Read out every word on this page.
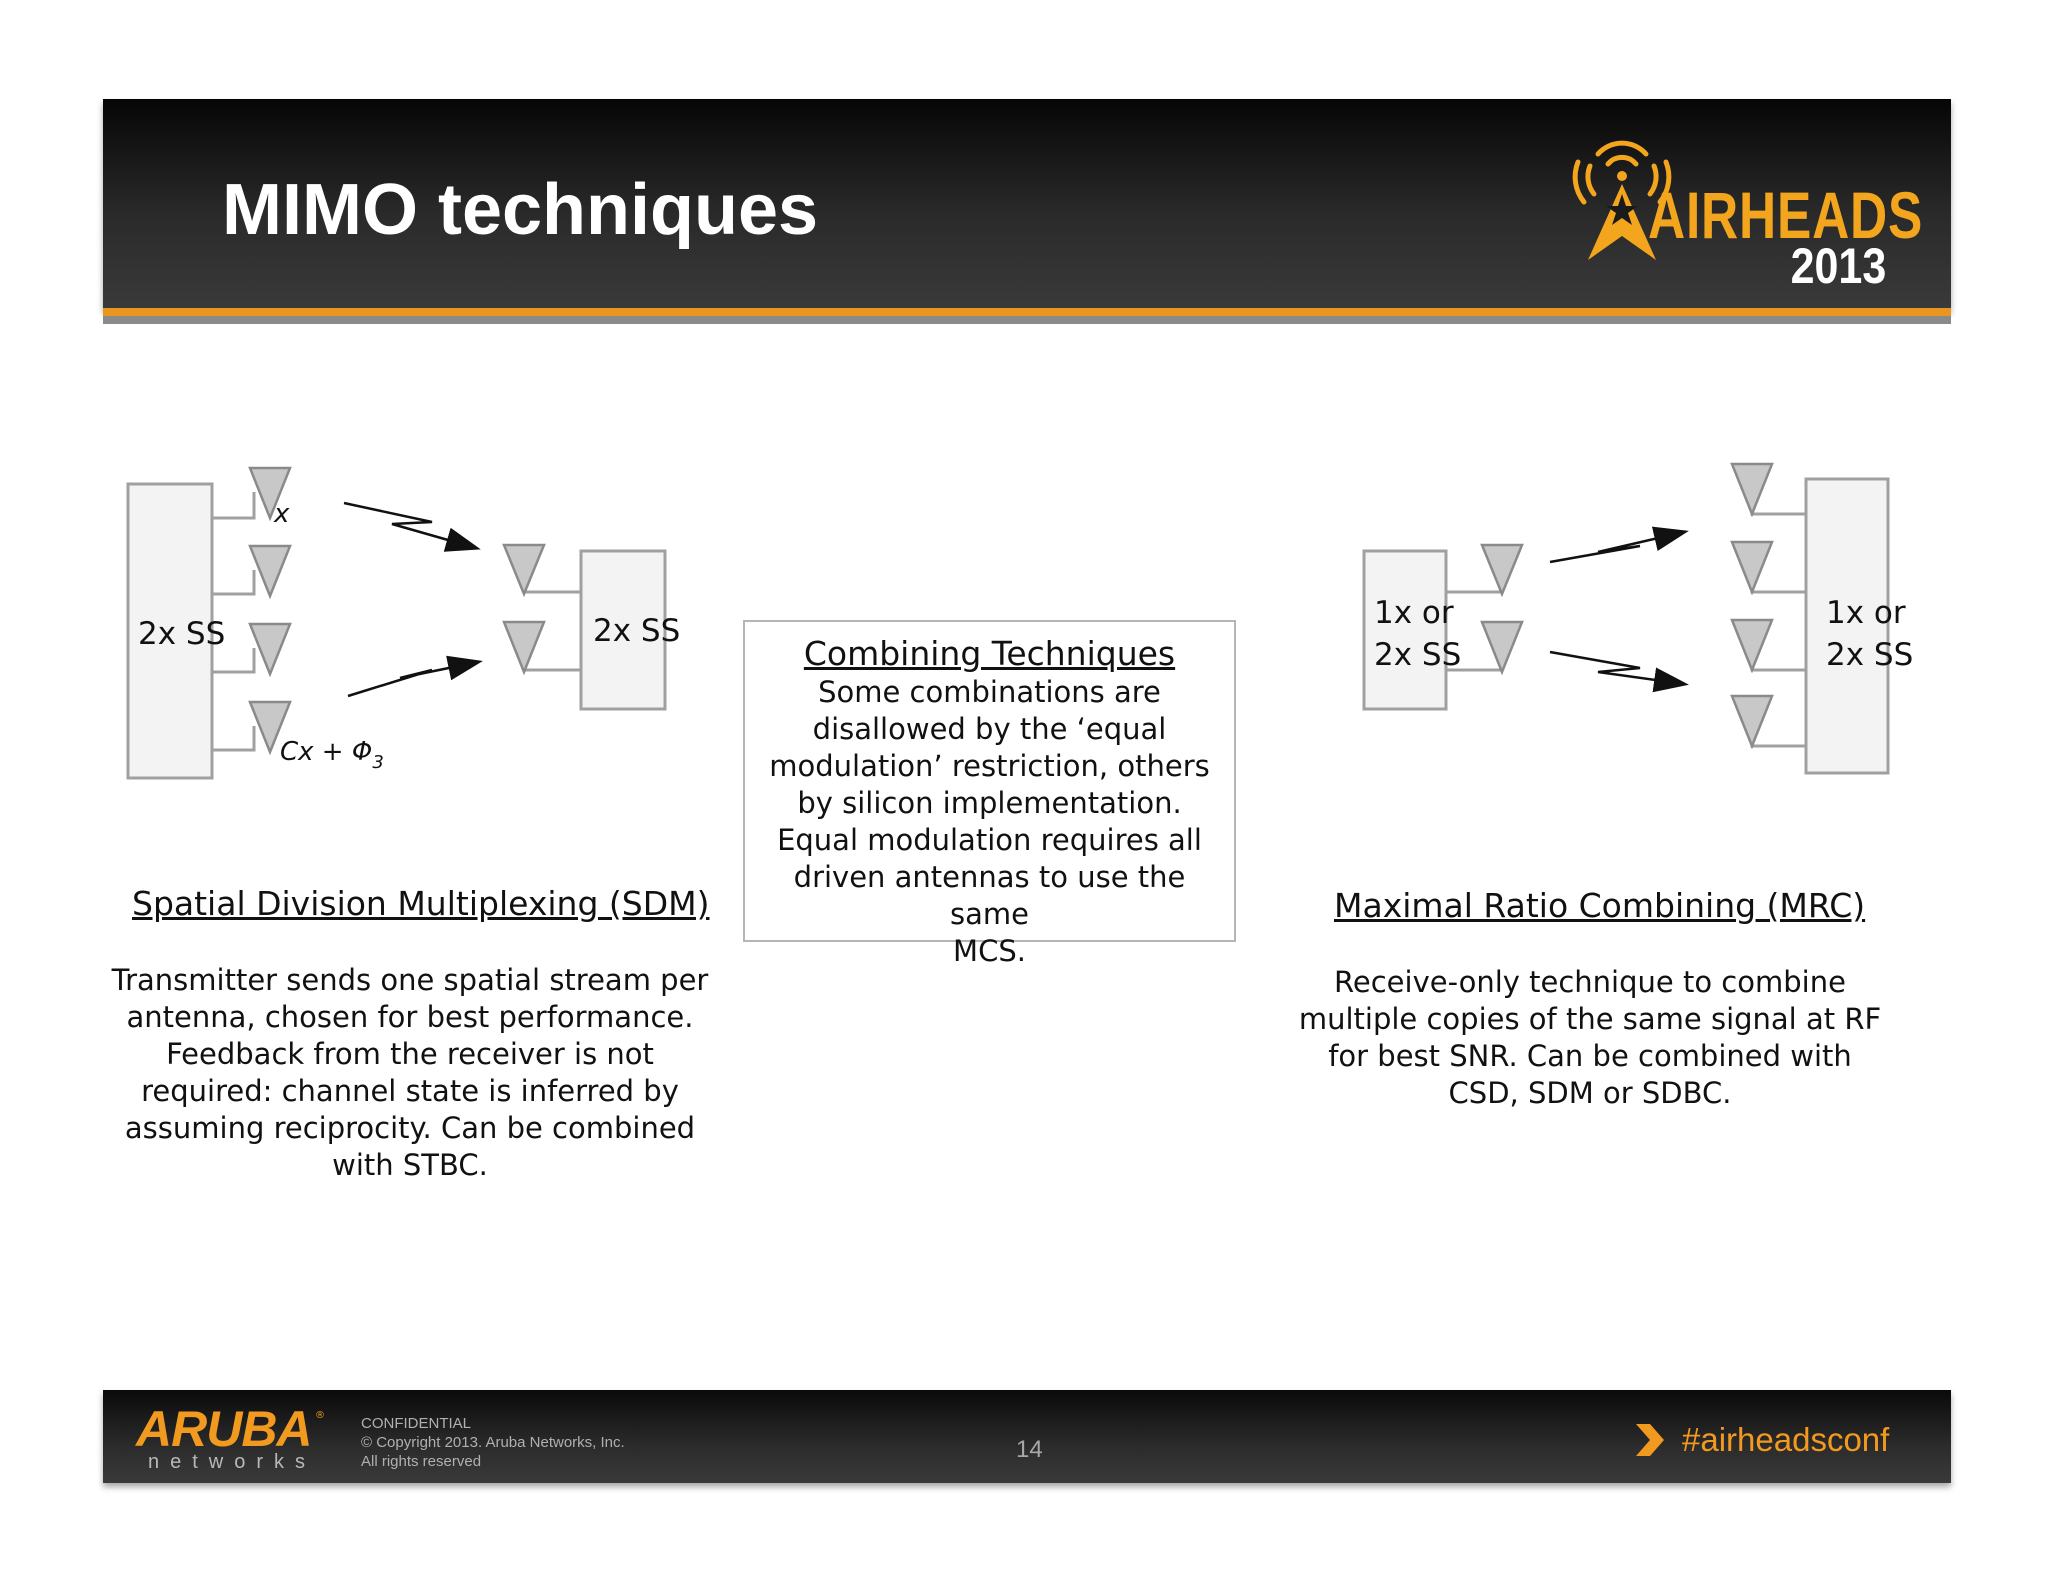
MIMO techniques	AIRHEADS
2013
2x SS
x
$Cx + \Phi_3$
2x SS	1x or
2x SS
1x or
2x SS
Spatial Division Multiplexing (SDM)
Transmitter sends one spatial stream per
antenna, chosen for best performance.
Feedback from the receiver is not
required: channel state is inferred by
assuming reciprocity. Can be combined
with STBC.
Combining Techniques

Some combinations are

disallowed by the ‘equal

modulation’ restriction, others

by silicon implementation.

Equal modulation requires all

driven antennas to use the same

MCS.

Maximal Ratio Combining (MRC)
Receive-only technique to combine
multiple copies of the same signal at RF
for best SNR. Can be combined with
CSD, SDM or SDBC.
ARUBA ®
networks
CONFIDENTIAL
© Copyright 2013. Aruba Networks, Inc.
All rights reserved	14	#airheadsconf
